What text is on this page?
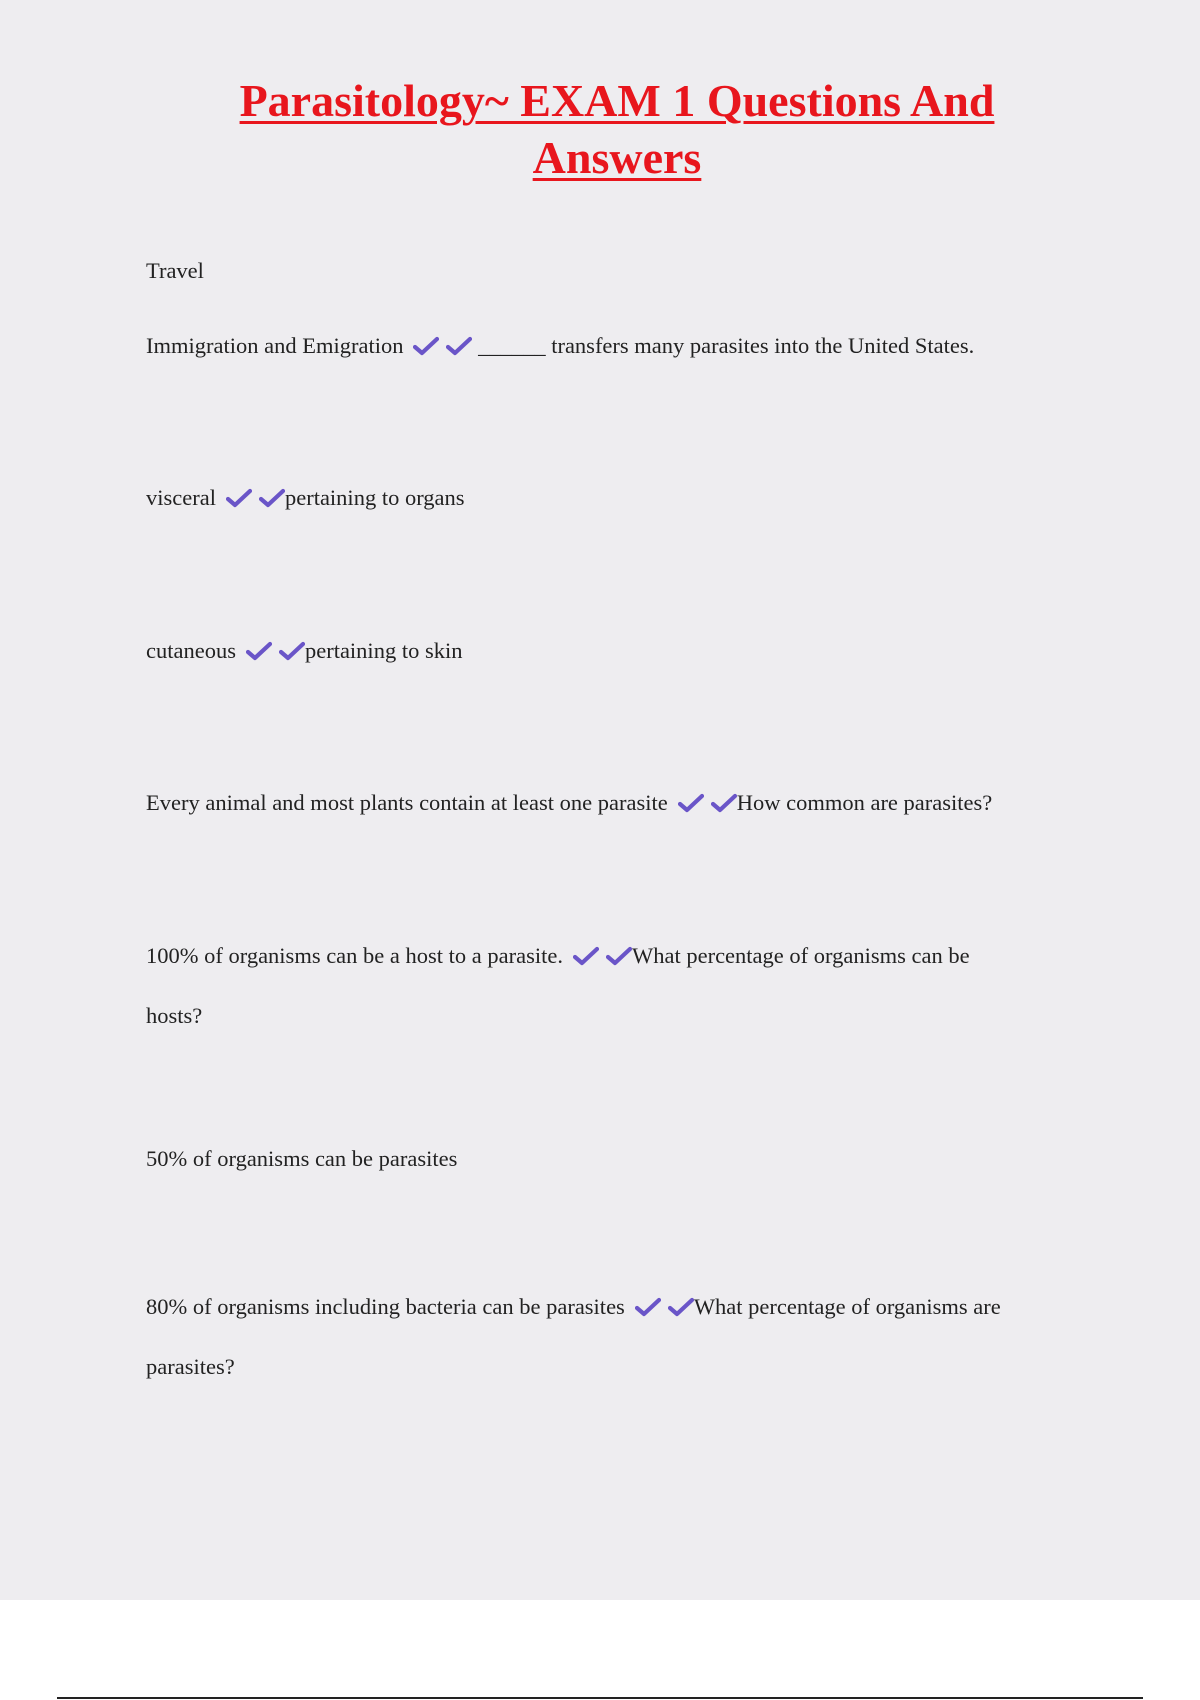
Parasitology~ EXAM 1 Questions And
Answers
Travel
Immigration and Emigration	______ transfers many parasites into the United States.
visceral	pertaining to organs
cutaneous	pertaining to skin
Every animal and most plants contain at least one parasite	How common are parasites?
100% of organisms can be a host to a parasite.	What percentage of organisms can be
hosts?
50% of organisms can be parasites
80% of organisms including bacteria can be parasites	What percentage of organisms are
parasites?
